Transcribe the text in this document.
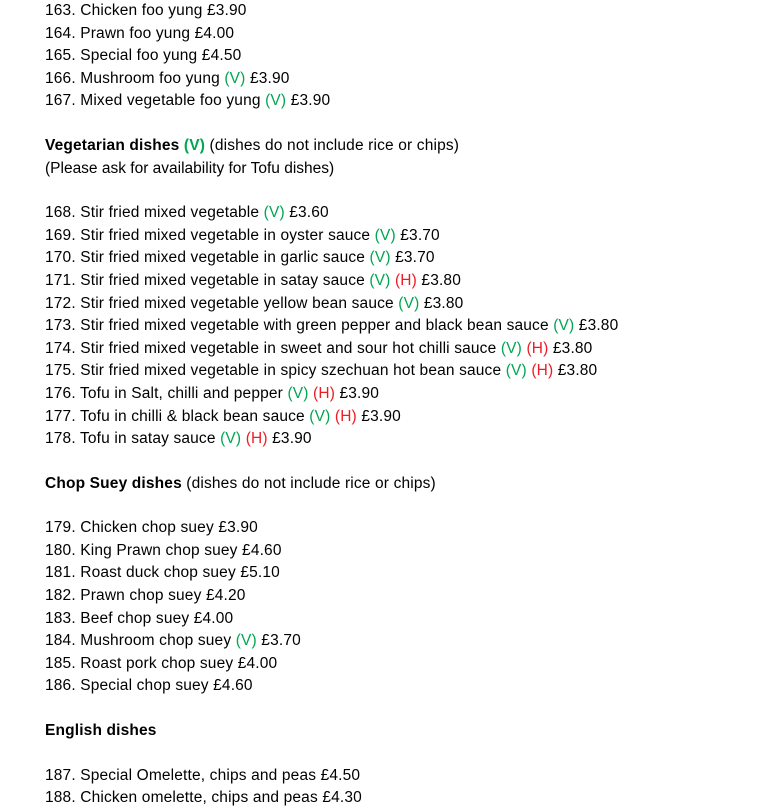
163. Chicken foo yung £3.90
164. Prawn foo yung £4.00
165. Special foo yung £4.50
166. Mushroom foo yung (V) £3.90
167. Mixed vegetable foo yung (V) £3.90
Vegetarian dishes (V) (dishes do not include rice or chips)
(Please ask for availability for Tofu dishes)
168. Stir fried mixed vegetable (V) £3.60
169. Stir fried mixed vegetable in oyster sauce (V) £3.70
170. Stir fried mixed vegetable in garlic sauce (V) £3.70
171. Stir fried mixed vegetable in satay sauce (V) (H) £3.80
172. Stir fried mixed vegetable yellow bean sauce (V) £3.80
173. Stir fried mixed vegetable with green pepper and black bean sauce (V) £3.80
174. Stir fried mixed vegetable in sweet and sour hot chilli sauce (V) (H) £3.80
175. Stir fried mixed vegetable in spicy szechuan hot bean sauce (V) (H) £3.80
176. Tofu in Salt, chilli and pepper (V) (H) £3.90
177. Tofu in chilli & black bean sauce (V) (H) £3.90
178. Tofu in satay sauce (V) (H) £3.90
Chop Suey dishes (dishes do not include rice or chips)
179. Chicken chop suey £3.90
180. King Prawn chop suey £4.60
181. Roast duck chop suey £5.10
182. Prawn chop suey £4.20
183. Beef chop suey £4.00
184. Mushroom chop suey (V) £3.70
185. Roast pork chop suey £4.00
186. Special chop suey £4.60
English dishes
187. Special Omelette, chips and peas £4.50
188. Chicken omelette, chips and peas £4.30
